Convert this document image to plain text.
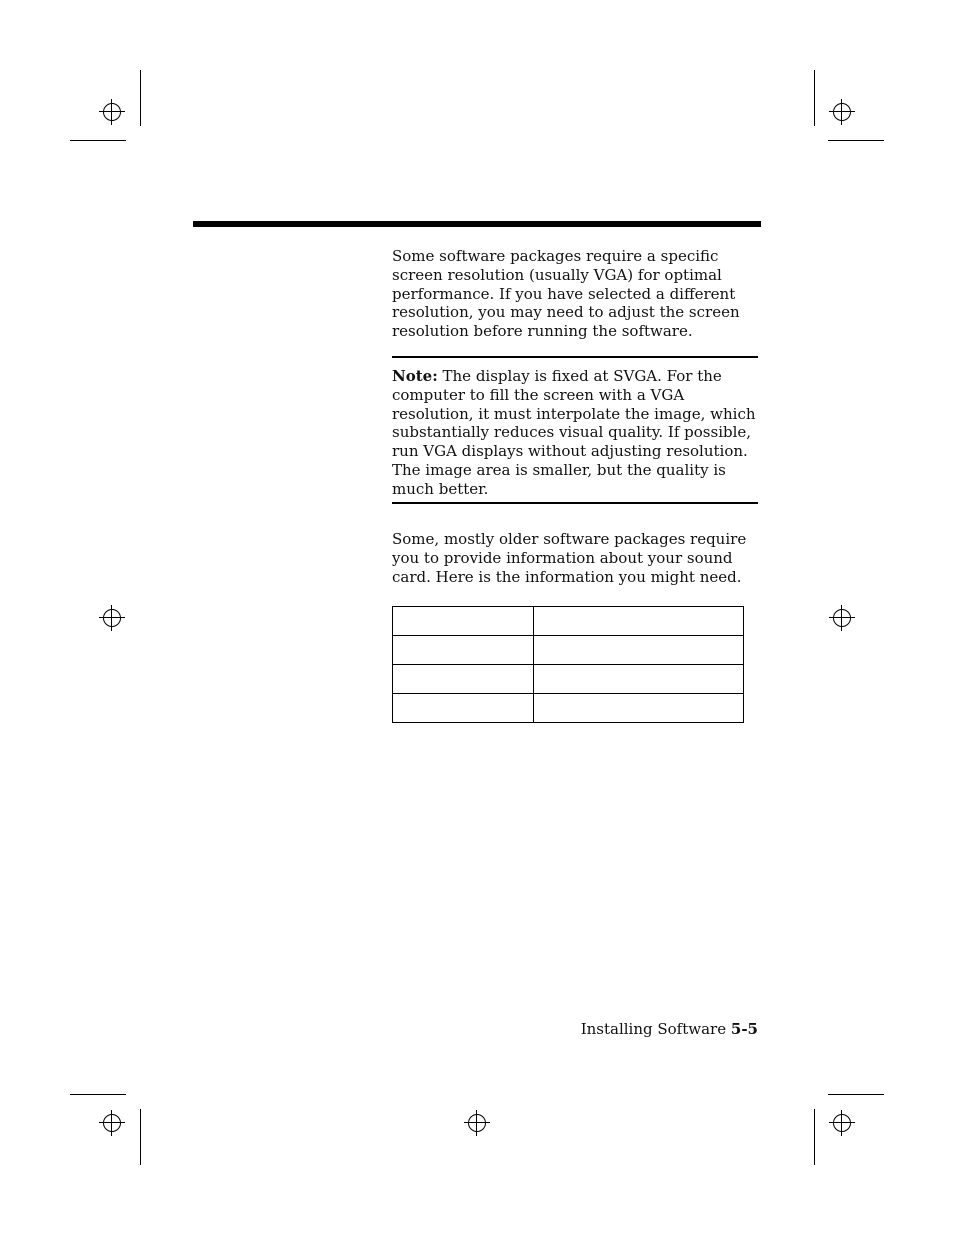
Some software packages require a specific screen resolution (usually VGA) for optimal performance. If you have selected a different resolution, you may need to adjust the screen resolution before running the software.

Note: The display is fixed at SVGA. For the computer to fill the screen with a VGA resolution, it must interpolate the image, which substantially reduces visual quality. If possible, run VGA displays without adjusting resolution. The image area is smaller, but the quality is much better.

Some, mostly older software packages require you to provide information about your sound card. Here is the information you might need.

Installing Software 5-5
